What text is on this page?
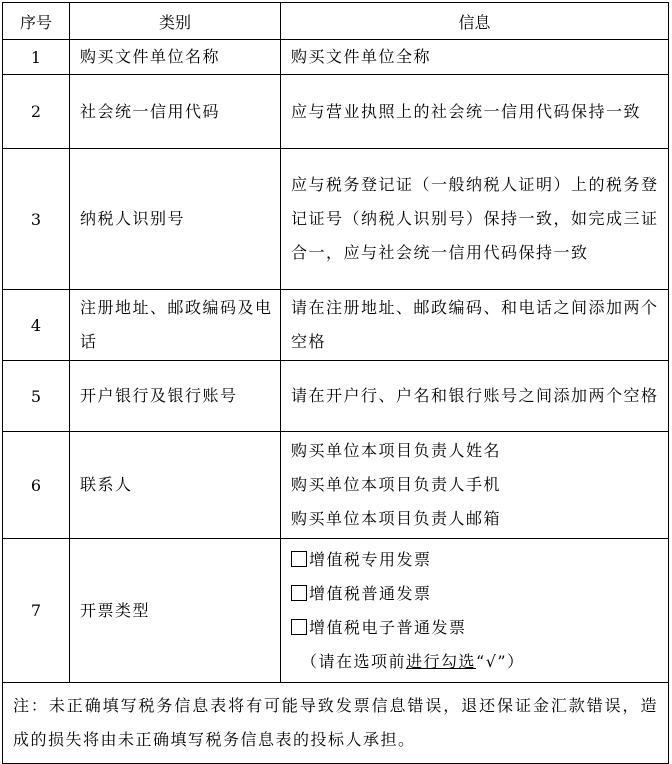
序号	类别	信息
1	购买文件单位名称	购买文件单位全称

2	社会统一信用代码	应与营业执照上的社会统一信用代码保持一致

3	纳税人识别号	应与税务登记证（一般纳税人证明）上的税务登记证号（纳税人识别号）保持一致，如完成三证合一，应与社会统一信用代码保持一致

4	注册地址、邮政编码及电话	请在注册地址、邮政编码、和电话之间添加两个空格

5	开户银行及银行账号	请在开户行、户名和银行账号之间添加两个空格

6	联系人	购买单位本项目负责人姓名
购买单位本项目负责人手机
购买单位本项目负责人邮箱

7	开票类型	增值税专用发票
增值税普通发票
增值税电子普通发票
（请在选项前进行勾选“√”）

注：未正确填写税务信息表将有可能导致发票信息错误，退还保证金汇款错误，造成的损失将由未正确填写税务信息表的投标人承担。		
